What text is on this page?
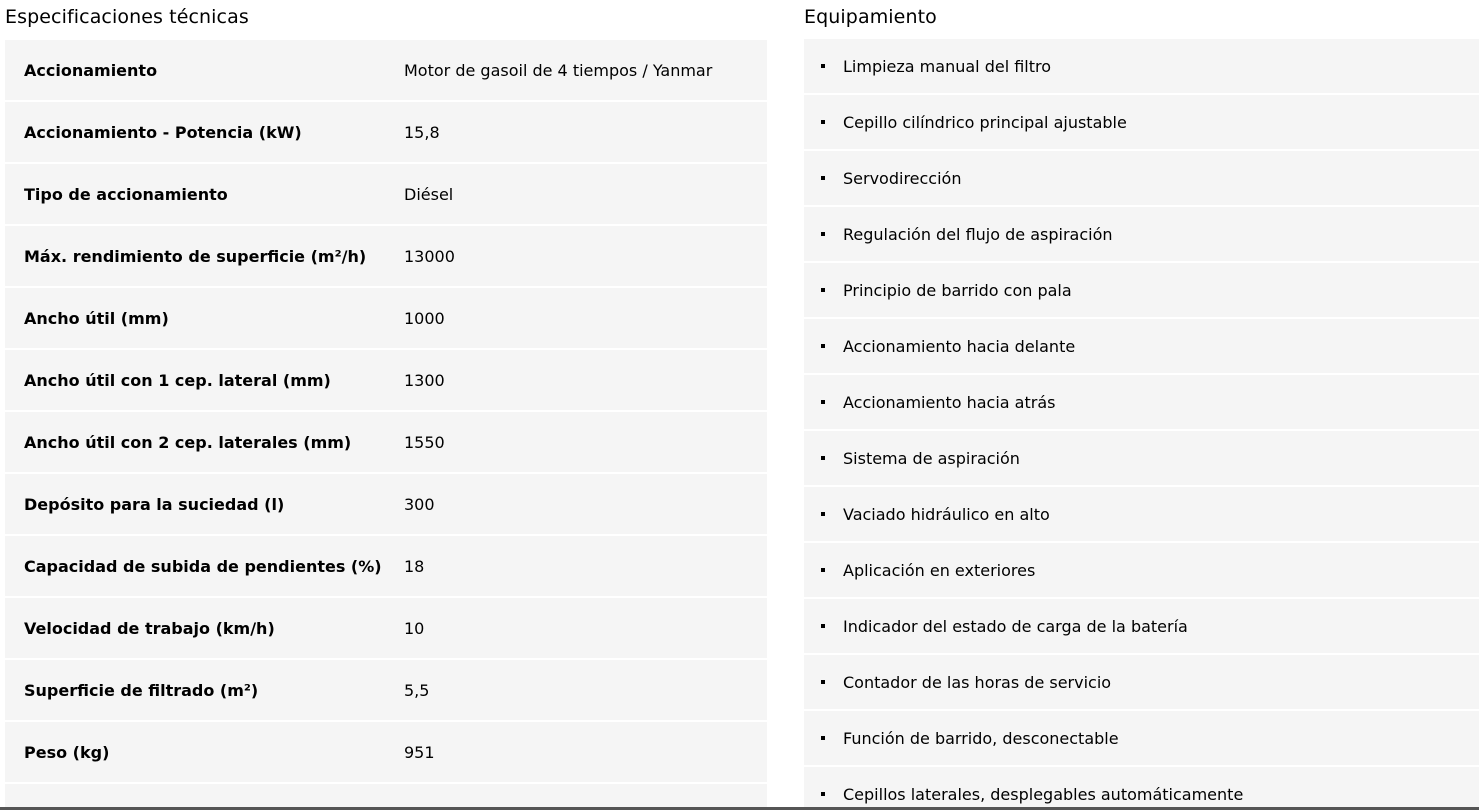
Especificaciones técnicas
Accionamiento	Motor de gasoil de 4 tiempos / Yanmar
Accionamiento - Potencia (kW)	15,8
Tipo de accionamiento	Diésel
Máx. rendimiento de superficie (m²/h)	13000
Ancho útil (mm)	1000
Ancho útil con 1 cep. lateral (mm)	1300
Ancho útil con 2 cep. laterales (mm)	1550
Depósito para la suciedad (l)	300
Capacidad de subida de pendientes (%)	18
Velocidad de trabajo (km/h)	10
Superficie de filtrado (m²)	5,5
Peso (kg)	951
Equipamiento
Limpieza manual del filtro
Cepillo cilíndrico principal ajustable
Servodirección
Regulación del flujo de aspiración
Principio de barrido con pala
Accionamiento hacia delante
Accionamiento hacia atrás
Sistema de aspiración
Vaciado hidráulico en alto
Aplicación en exteriores
Indicador del estado de carga de la batería
Contador de las horas de servicio
Función de barrido, desconectable
Cepillos laterales, desplegables automáticamente
